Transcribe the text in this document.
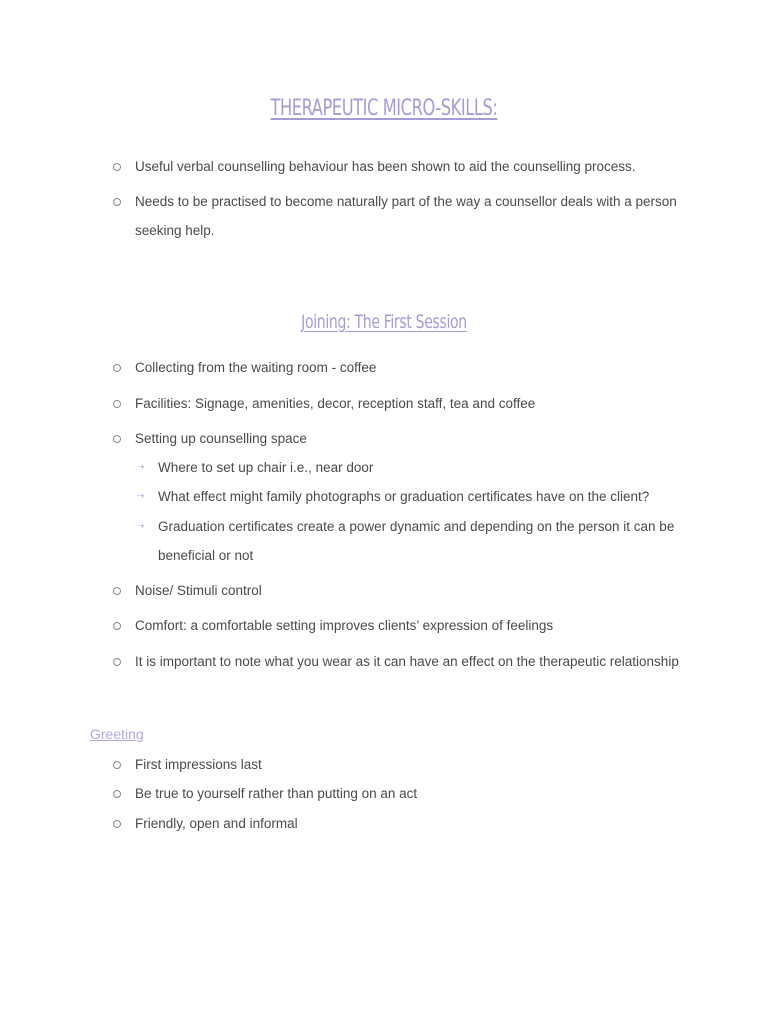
THERAPEUTIC MICRO-SKILLS:
Useful verbal counselling behaviour has been shown to aid the counselling process.
Needs to be practised to become naturally part of the way a counsellor deals with a person seeking help.
Joining: The First Session
Collecting from the waiting room - coffee
Facilities: Signage, amenities, decor, reception staff, tea and coffee
Setting up counselling space
➝ Where to set up chair i.e., near door
➝ What effect might family photographs or graduation certificates have on the client?
➝ Graduation certificates create a power dynamic and depending on the person it can be beneficial or not
Noise/ Stimuli control
Comfort: a comfortable setting improves clients’ expression of feelings
It is important to note what you wear as it can have an effect on the therapeutic relationship
Greeting
First impressions last
Be true to yourself rather than putting on an act
Friendly, open and informal
